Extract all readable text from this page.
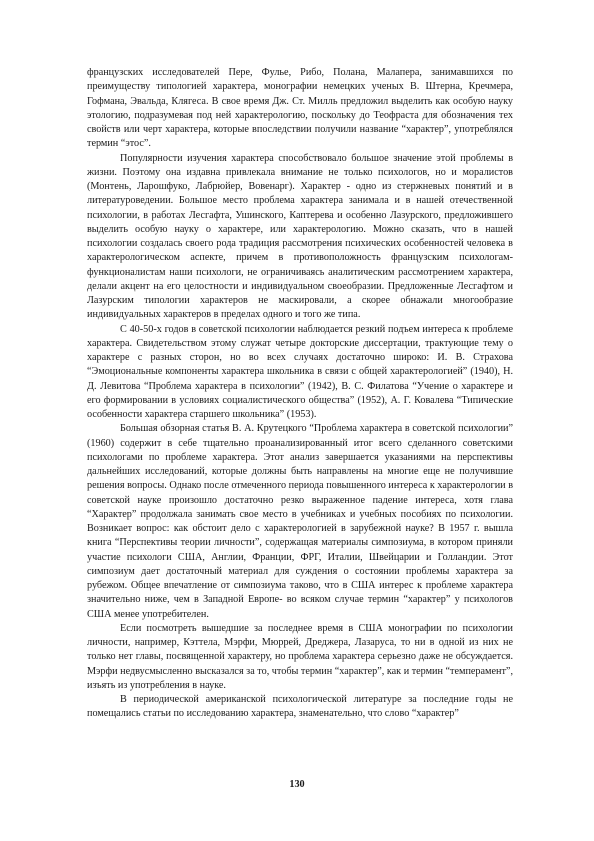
французских исследователей Пере, Фулье, Рибо, Полана, Малапера, занимавшихся по преимуществу типологией характера, монографии немецких ученых В. Штерна, Кречмера, Гофмана, Эвальда, Клягеса. В свое время Дж. Ст. Милль предложил выделить как особую науку этологию, подразумевая под ней характерологию, поскольку до Теофраста для обозначения тех свойств или черт характера, которые впоследствии получили название “характер”, употреблялся термин “этос”.

Популярности изучения характера способствовало большое значение этой проблемы в жизни. Поэтому она издавна привлекала внимание не только психологов, но и моралистов (Монтень, Ларошфуко, Лабрюйер, Вовенарг). Характер - одно из стержневых понятий и в литературоведении. Большое место проблема характера занимала и в нашей отечественной психологии, в работах Лесгафта, Ушинского, Каптерева и особенно Лазурского, предложившего выделить особую науку о характере, или характерологию. Можно сказать, что в нашей психологии создалась своего рода традиция рассмотрения психических особенностей человека в характерологическом аспекте, причем в противоположность французским психологам-функционалистам наши психологи, не ограничиваясь аналитическим рассмотрением характера, делали акцент на его целостности и индивидуальном своеобразии. Предложенные Лесгафтом и Лазурским типологии характеров не маскировали, а скорее обнажали многообразие индивидуальных характеров в пределах одного и того же типа.

С 40-50-х годов в советской психологии наблюдается резкий подъем интереса к проблеме характера. Свидетельством этому служат четыре докторские диссертации, трактующие тему о характере с разных сторон, но во всех случаях достаточно широко: И. В. Страхова “Эмоциональные компоненты характера школьника в связи с общей характерологией” (1940), Н. Д. Левитова “Проблема характера в психологии” (1942), В. С. Филатова “Учение о характере и его формировании в условиях социалистического общества” (1952), А. Г. Ковалева “Типические особенности характера старшего школьника” (1953).

Большая обзорная статья В. А. Крутецкого “Проблема характера в советской психологии” (1960) содержит в себе тщательно проанализированный итог всего сделанного советскими психологами по проблеме характера. Этот анализ завершается указаниями на перспективы дальнейших исследований, которые должны быть направлены на многие еще не получившие решения вопросы. Однако после отмеченного периода повышенного интереса к характерологии в советской науке произошло достаточно резко выраженное падение интереса, хотя глава “Характер” продолжала занимать свое место в учебниках и учебных пособиях по психологии. Возникает вопрос: как обстоит дело с характерологией в зарубежной науке? В 1957 г. вышла книга “Перспективы теории личности”, содержащая материалы симпозиума, в котором приняли участие психологи США, Англии, Франции, ФРГ, Италии, Швейцарии и Голландии. Этот симпозиум дает достаточный материал для суждения о состоянии проблемы характера за рубежом. Общее впечатление от симпозиума таково, что в США интерес к проблеме характера значительно ниже, чем в Западной Европе- во всяком случае термин “характер” у психологов США менее употребителен.

Если посмотреть вышедшие за последнее время в США монографии по психологии личности, например, Кэттела, Мэрфи, Мюррей, Дреджера, Лазаруса, то ни в одной из них не только нет главы, посвященной характеру, но проблема характера серьезно даже не обсуждается. Мэрфи недвусмысленно высказался за то, чтобы термин “характер”, как и термин “темперамент”, изъять из употребления в науке.

В периодической американской психологической литературе за последние годы не помещались статьи по исследованию характера, знаменательно, что слово “характер”

130
